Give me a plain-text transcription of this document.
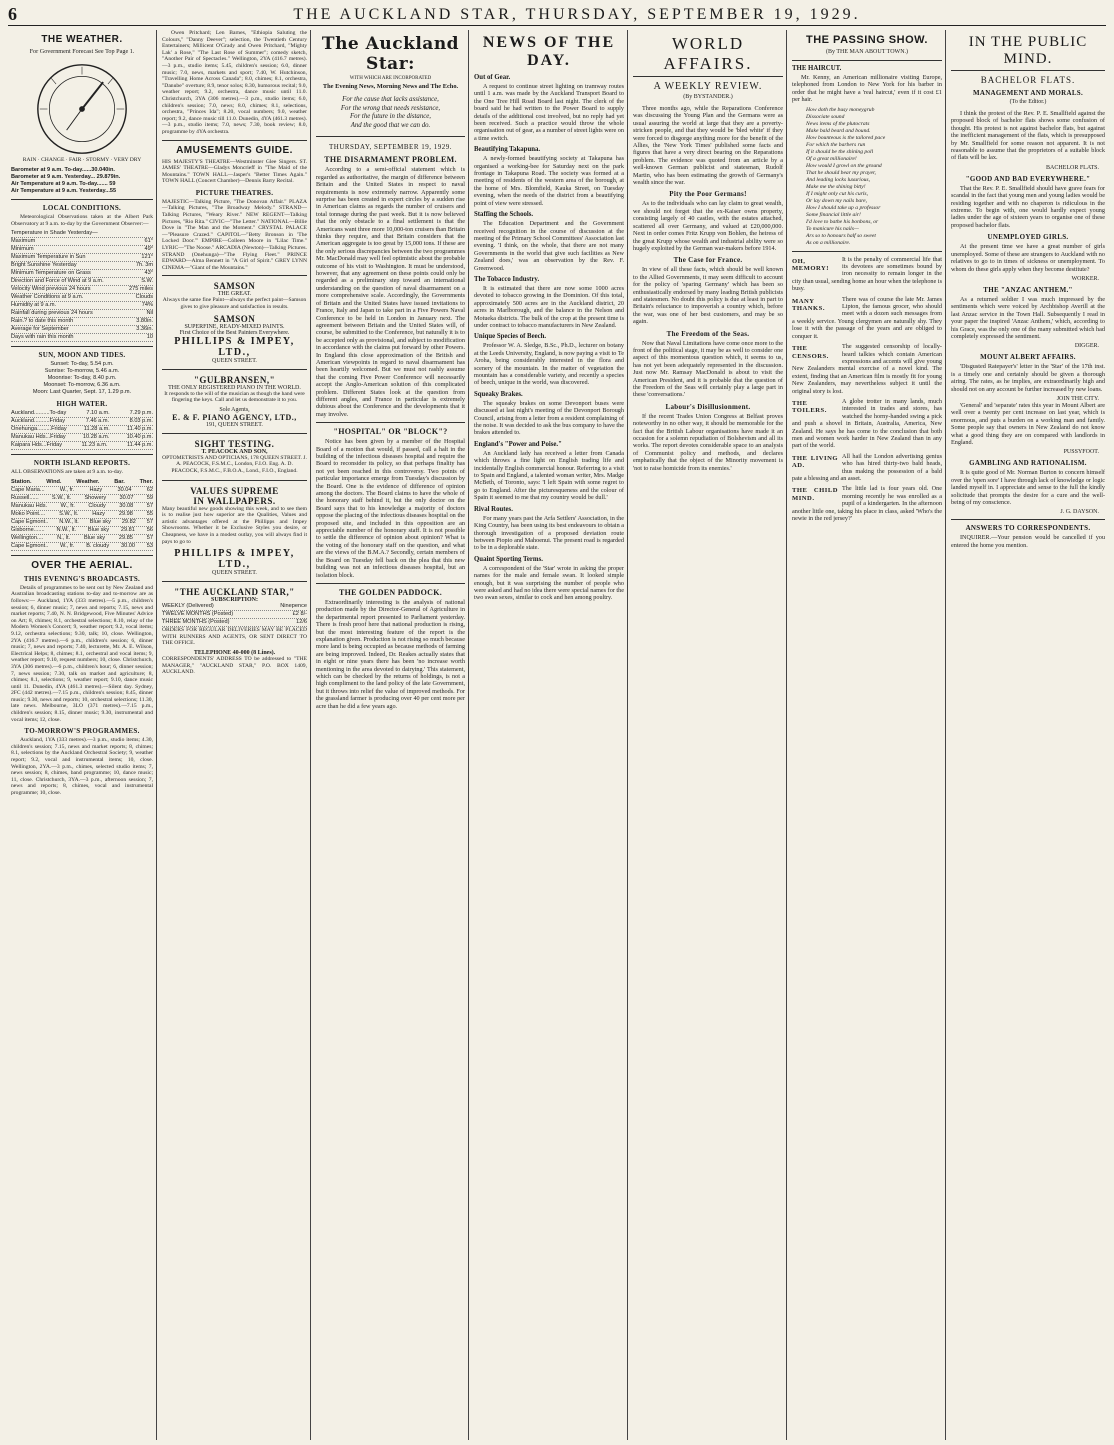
6	THE AUCKLAND STAR, THURSDAY, SEPTEMBER 19, 1929.
THE WEATHER.
For Government Forecast See Top Page 1.
RAIN · CHANGE · FAIR · STORMY · VERY DRY
Barometer at 9 a.m. To-day......30.040in.
Barometer at 9 a.m. Yesterday... 29.879in.
Air Temperature at 9 a.m. To-day....... 59
Air Temperature at 9 a.m. Yesterday...55
LOCAL CONDITIONS.
Meteorological Observations taken at the Albert Park Observatory at 9 a.m. to-day by the Government Observer:—
Temperature in Shade Yesterday—
Maximum	61°
Minimum	49°
Maximum Temperature in Sun	121°
Bright Sunshine Yesterday	7h. 3m
Minimum Temperature on Grass	43°
Direction and Force of Wind at 9 a.m.	S.W.
Velocity Wind previous 24 hours	275 miles
Weather Conditions at 9 a.m.	Clouds
Humidity at 9 a.m.	74%
Rainfall during previous 24 hours	Nil
Rain.? to date this month	3.80in.
Average for September	3.36in.
Days with rain this month	10
SUN, MOON AND TIDES.
Sunset: To-day, 5.54 p.m.
Sunrise: To-morrow, 5.46 a.m.
Moonrise: To-day, 8.40 p.m.
Moonset: To-morrow, 6.36 a.m.
Moon: Last Quarter, Sept. 17, 1.29 p.m.
HIGH WATER.
Auckland..........To-day	7.10 a.m.	7.29 p.m.
Auckland..........Friday	7.46 a.m.	8.03 p.m.
Onehunga.........Friday	11.28 a.m.	11.40 p.m.
Manukau Hds...Friday	10.28 a.m.	10.40 p.m.
Kaipara Hds...Friday	11.23 a.m.	11.44 p.m.
NORTH ISLAND REPORTS.
ALL OBSERVATIONS are taken at 9 a.m. to-day.
Station.	Wind.	Weather.	Bar.	Ther.
Cape Maria...	W., fr.	Hazy	30.04	62
Russell...... S.W., lt. Showery 30.07 59
Manukau Hds. W., fr. Cloudy 30.08 57
Moko Point.... S.W., lt. Hazy 29.98 55
Cape Egmont.. N.W., lt. Blue sky 29.82 57
Gisborne....... N.W., lt. Blue sky 29.81 56
Wellington.... N., lt. Blue sky 29.85 57
Cape Egmont.. W., fr. B. cloudy 30.00 53
OVER THE AERIAL.
THIS EVENING'S BROADCASTS.
Details of programmes to be sent out by New Zealand and Australian broadcasting stations to-day and to-morrow are as follows:— Auckland, 1YA (333 metres).—5 p.m., children's session; 6, dinner music; 7, news and reports; 7.15, news and market reports; 7.40, N. N. Bridgewood, Five Minutes' Advice on Art; 8, chimes; 8.1, orchestral selections; 8.10, relay of the Modern Women's Concert; 9, weather report; 9.2, vocal items; 9.12, orchestra selections; 9.30, talk; 10, close. Wellington, 2YA (416.7 metres).—6 p.m., children's session; 6, dinner music; 7, news and reports; 7.40, lecturette, Mr. A. E. Wilson, Electrical Helps; 8, chimes; 8.1, orchestral and vocal items; 9, weather report; 9.10, request numbers; 10, close. Christchurch, 3YA (306 metres).—6 p.m., children's hour; 6, dinner session; 7, news session; 7.30, talk on market and agriculture; 8, chimes; 8.1, selections; 9, weather report; 9.10, dance music until 11. Dunedin, 4YA (461.3 metres).—Silent day. Sydney, 2FC (442 metres).—7.15 p.m., children's session; 8.45, dinner music; 9.30, news and reports; 10, orchestral selections; 11.30, late news. Melbourne, 3LO (371 metres).—7.15 p.m., children's session; 8.15, dinner music; 9.30, instrumental and vocal items; 12, close.
TO-MORROW'S PROGRAMMES.
Auckland, 1YA (333 metres).—3 p.m., studio items; 4.30, children's session; 7.15, news and market reports; 8, chimes; 8.1, selections by the Auckland Orchestral Society; 9, weather report; 9.2, vocal and instrumental items; 10, close. Wellington, 2YA.—3 p.m., chimes, selected studio items; 7, news session; 8, chimes, band programme; 10, dance music; 11, close. Christchurch, 3YA.—3 p.m., afternoon session; 7, news and reports; 8, chimes, vocal and instrumental programme; 10, close.
Owen Pritchard; Len Barnes, "Ethiopia Saluting the Colours," "Danny Deever"; selection, the Twentieth Century Entertainers; Millicent O'Grady and Owen Pritchard, "Mighty Lak' a Rose," "The Last Rose of Summer"; comedy sketch, "Another Pair of Spectacles." Wellington, 2YA (416.7 metres).—3 p.m., studio items; 5.45, children's session; 6.0, dinner music; 7.0, news, markets and sport; 7.40, W. Hutchinson, "Travelling Home Across Canada"; 8.0, chimes; 8.1, orchestra, "Danube" overture; 8.9, tenor solos; 8.30, humorous recital; 9.0, weather report; 9.2, orchestra, dance music until 11.0. Christchurch, 3YA (306 metres).—3 p.m., studio items; 6.0, children's session; 7.0, news; 8.0, chimes; 8.1, selections, orchestra, "Princes Ida"; 8.20, vocal numbers; 9.0, weather report; 9.2, dance music till 11.0. Dunedin, 4YA (461.3 metres).—3 p.m., studio items; 7.0, news; 7.30, book review; 8.0, programme by 4YA orchestra.
AMUSEMENTS GUIDE.
HIS MAJESTY'S THEATRE—Westminster Glee Singers. ST. JAMES' THEATRE—Gladys Moncrieff in "The Maid of the Mountains." TOWN HALL—Jasper's "Better Times Again." TOWN HALL (Concert Chamber)—Dennis Barry Recital.
PICTURE THEATRES.
MAJESTIC—Talking Picture, "The Donovan Affair." PLAZA—Talking Pictures, "The Broadway Melody." STRAND—Talking Pictures, "Weary River." NEW REGENT—Talking Pictures, "Rio Rita." CIVIC—"The Letter." NATIONAL—Billie Dove in "The Man and the Moment." CRYSTAL PALACE—"Pleasure Crazed." CAPITOL—"Betty Bronson in 'The Locked Door.'" EMPIRE—Colleen Moore in "Lilac Time." LYRIC—"The Noose." ARCADIA (Newton)—Talking Pictures. STRAND (Onehunga)—"The Flying Fleet." PRINCE EDWARD—Alma Bennett in "A Girl of Spirit." GREY LYNN CINEMA—"Giant of the Mountains."
SAMSON
THE GREAT.
Always the same fine Paint—always the perfect paint—Samson gives to give pleasure and satisfaction in results.
SAMSON
SUPERFINE, READY-MIXED PAINTS.
First Choice of the Best Painters Everywhere.
PHILLIPS & IMPEY, LTD.,
QUEEN STREET.
"GULBRANSEN,"
THE ONLY REGISTERED PIANO IN THE WORLD.
It responds to the will of the musician as though the hand were fingering the keys. Call and let us demonstrate it to you.
Sole Agents,
E. & F. PIANO AGENCY, LTD.,
191, QUEEN STREET.
SIGHT TESTING.
T. PEACOCK AND SON,
OPTOMETRISTS AND OPTICIANS, 178 QUEEN STREET. J. A. PEACOCK, F.S.M.C., London, F.I.O. Eng. A. D. PEACOCK, F.S.M.C., F.B.O.A., Lond., F.I.O., England.
VALUES SUPREME
IN WALLPAPERS.
Many beautiful new goods showing this week, and to see them is to realise just how superior are the Qualities, Values and artistic advantages offered at the Phillipps and Impey Showrooms. Whether it be Exclusive Styles you desire, or Cheapness, we have in a modest outlay, you will always find it pays to go to
PHILLIPS & IMPEY, LTD.,
QUEEN STREET.
"THE AUCKLAND STAR,"
SUBSCRIPTION:
WEEKLY (Delivered)	Ninepence
TWELVE MONTHS (Posted)	£2 8/-
THREE MONTHS (Posted)	12/6
ORDERS FOR REGULAR DELIVERIES MAY BE PLACED WITH RUNNERS AND AGENTS, OR SENT DIRECT TO THE OFFICE.
TELEPHONE 40-000 (8 Lines).
CORRESPONDENTS' ADDRESS TO be addressed to "THE MANAGER," "AUCKLAND STAR," P.O. BOX 1409, AUCKLAND.
The Auckland Star:
WITH WHICH ARE INCORPORATED
The Evening News, Morning News and The Echo.
For the cause that lacks assistance,
For the wrong that needs resistance,
For the future in the distance,
And the good that we can do.
THURSDAY, SEPTEMBER 19, 1929.
THE DISARMAMENT PROBLEM.
According to a semi-official statement which is regarded as authoritative, the margin of difference between Britain and the United States in respect to naval requirements is now extremely narrow. Apparently some surprise has been created in expert circles by a sudden rise in American claims as regards the number of cruisers and total tonnage during the past week. But it is now believed that the only obstacle to a final settlement is that the Americans want three more 10,000-ton cruisers than Britain thinks they require, and that Britain considers that the American aggregate is too great by 15,000 tons. If these are the only serious discrepancies between the two programmes Mr. MacDonald may well feel optimistic about the probable outcome of his visit to Washington. It must be understood, however, that any agreement on these points could only be regarded as a preliminary step toward an international understanding on the question of naval disarmament on a more comprehensive scale. Accordingly, the Governments of Britain and the United States have issued invitations to France, Italy and Japan to take part in a Five Powers Naval Conference to be held in London in January next. The agreement between Britain and the United States will, of course, be submitted to the Conference, but naturally it is to be accepted only as provisional, and subject to modification in accordance with the claims put forward by other Powers. In England this close approximation of the British and American viewpoints in regard to naval disarmament has been heartily welcomed. But we must not rashly assume that the coming Five Power Conference will necessarily accept the Anglo-American solution of this complicated problem. Different States look at the question from different angles, and France in particular is extremely dubious about the Conference and the developments that it may involve.
"HOSPITAL" OR "BLOCK"?
Notice has been given by a member of the Hospital Board of a motion that would, if passed, call a halt in the building of the infectious diseases hospital and require the Board to reconsider its policy, so that perhaps finality has not yet been reached in this controversy. Two points of particular importance emerge from Tuesday's discussion by the Board. One is the evidence of difference of opinion among the doctors. The Board claims to have the whole of the honorary staff behind it, but the only doctor on the Board says that to his knowledge a majority of doctors oppose the placing of the infectious diseases hospital on the proposed site, and included in this opposition are an appreciable number of the honorary staff. It is not possible to settle the difference of opinion about opinion? What is the voting of the honorary staff on the question, and what are the views of the B.M.A.? Secondly, certain members of the Board on Tuesday fell back on the plea that this new building was not an infectious diseases hospital, but an isolation block.
THE GOLDEN PADDOCK.
Extraordinarily interesting is the analysis of national production made by the Director-General of Agriculture in the departmental report presented to Parliament yesterday. There is fresh proof here that national production is rising, but the most interesting feature of the report is the explanation given. Production is not rising so much because more land is being occupied as because methods of farming are being improved. Indeed, Dr. Reakes actually states that in eight or nine years there has been 'no increase worth mentioning in the area devoted to dairying.' This statement, which can be checked by the returns of holdings, is not a high compliment to the land policy of the late Government, but it throws into relief the value of improved methods. For the grassland farmer is producing over 40 per cent more per acre than he did a few years ago.
NEWS OF THE DAY.
Out of Gear.
A request to continue street lighting on tramway routes until 1 a.m. was made by the Auckland Transport Board to the One Tree Hill Road Board last night. The clerk of the board said he had written to the Power Board to supply details of the additional cost involved, but no reply had yet been received. Such a practice would throw the whole organisation out of gear, as a number of street lights were on a time switch.
Beautifying Takapuna.
A newly-formed beautifying society at Takapuna has organised a working-bee for Saturday next on the park frontage in Takapuna Road. The society was formed at a meeting of residents of the western area of the borough, at the home of Mrs. Blomfield, Kauka Street, on Tuesday evening, when the needs of the district from a beautifying point of view were stressed.
Staffing the Schools.
The Education Department and the Government received recognition in the course of discussion at the meeting of the Primary School Committees' Association last evening. 'I think, on the whole, that there are not many Governments in the world that give such facilities as New Zealand does,' was an observation by the Rev. F. Greenwood.
The Tobacco Industry.
It is estimated that there are now some 1000 acres devoted to tobacco growing in the Dominion. Of this total, approximately 500 acres are in the Auckland district, 20 acres in Marlborough, and the balance in the Nelson and Motueka districts. The bulk of the crop at the present time is under contract to tobacco manufacturers in New Zealand.
Unique Species of Beech.
Professor W. A. Sledge, B.Sc., Ph.D., lecturer on botany at the Leeds University, England, is now paying a visit to Te Aroha, being considerably interested in the flora and scenery of the mountain. In the matter of vegetation the mountain has a considerable variety, and recently a species of beech, unique in the world, was discovered.
Squeaky Brakes.
The squeaky brakes on some Devonport buses were discussed at last night's meeting of the Devonport Borough Council, arising from a letter from a resident complaining of the noise. It was decided to ask the bus company to have the brakes attended to.
England's "Power and Poise."
An Auckland lady has received a letter from Canada which throws a fine light on English trading life and incidentally English commercial honour. Referring to a visit to Spain and England, a talented woman writer, Mrs. Madge McBeth, of Toronto, says: 'I left Spain with some regret to go to England. After the picturesqueness and the colour of Spain it seemed to me that my country would be dull.'
Rival Routes.
For many years past the Arfa Settlers' Association, in the King Country, has been using its best endeavours to obtain a thorough investigation of a proposed deviation route between Piopio and Mahoenui. The present road is regarded to be in a deplorable state.
Quaint Sporting Terms.
A correspondent of the 'Star' wrote in asking the proper names for the male and female swan. It looked simple enough, but it was surprising the number of people who were asked and had no idea there were special names for the two swan sexes, similar to cock and hen among poultry.
WORLD AFFAIRS.
A WEEKLY REVIEW.
(By BYSTANDER.)
Three months ago, while the Reparations Conference was discussing the Young Plan and the Germans were as usual assuring the world at large that they are a poverty-stricken people, and that they would be 'bled white' if they were forced to disgorge anything more for the benefit of the Allies, the 'New York Times' published some facts and figures that have a very direct bearing on the Reparations problem. The evidence was quoted from an article by a well-known German publicist and statesman, Rudolf Martin, who has been estimating the growth of Germany's wealth since the war.
Pity the Poor Germans!
As to the individuals who can lay claim to great wealth, we should not forget that the ex-Kaiser owns property, consisting largely of 40 castles, with the estates attached, scattered all over Germany, and valued at £20,000,000. Next in order comes Fritz Krupp von Bohlen, the heiress of the great Krupp whose wealth and industrial ability were so hugely exploited by the German war-makers before 1914.
The Case for France.
In view of all these facts, which should be well known to the Allied Governments, it may seem difficult to account for the policy of 'sparing Germany' which has been so enthusiastically endorsed by many leading British publicists and statesmen. No doubt this policy is due at least in part to Britain's reluctance to impoverish a country which, before the war, was one of her best customers, and may be so again.
The Freedom of the Seas.
Now that Naval Limitations have come once more to the front of the political stage, it may be as well to consider one aspect of this momentous question which, it seems to us, has not yet been adequately represented in the discussion. Just now Mr. Ramsay MacDonald is about to visit the American President, and it is probable that the question of the Freedom of the Seas will certainly play a large part in these 'conversations.'
Labour's Disillusionment.
If the recent Trades Union Congress at Belfast proves noteworthy in no other way, it should be memorable for the fact that the British Labour organisations have made it an occasion for a solemn repudiation of Bolshevism and all its works. The report devotes considerable space to an analysis of Communist policy and methods, and declares emphatically that the object of the Minority movement is 'not to raise homicide from its enemies.'
THE PASSING SHOW.
(By THE MAN ABOUT TOWN.)
THE HAIRCUT.
Mr. Kenny, an American millionaire visiting Europe, telephoned from London to New York for his barber in order that he might have a 'real haircut,' even if it cost £1 per hair.
How doth the busy moneygrub
Dissociate sound
News items of the plutocrats
Make bald beard and bound.
How bounteous is the tailored pace
For which the barbers run
If it should be the shining poll
Of a great millionaire!
How would I growl on the ground
That he should bear my prayer,
And leading locks luxurious,
Make me the shining bitty!
If I might only cut his curls,
Or lay down my nails bare,
How I should take up a professor
Some financial little air!
I'd love to bathe his bonbons, or
To manicure his nails—
Ars so to honours half so sweet
As on a millionaire.
OH, MEMORY!
It is the penalty of commercial life that its devotees are sometimes bound by iron necessity to remain longer in the city than usual, sending home an hour when the telephone is busy.
MANY THANKS.
There was of course the late Mr. James Lipton, the famous grocer, who should meet with a dozen such messages from a weekly service. Young clergymen are naturally shy. They lose it with the passage of the years and are obliged to conquer it.
THE CENSORS.
The suggested censorship of locally-heard talkies which contain American expressions and accents will give young New Zealanders mental exercise of a novel kind. The extent, finding that an American film is mostly fit for young New Zealanders, may nevertheless subject it until the original story is lost.
THE TOILERS.
A globe trotter in many lands, much interested in trades and stores, has watched the horny-handed swing a pick and push a shovel in Britain, Australia, America, New Zealand. He says he has come to the conclusion that both men and women work harder in New Zealand than in any part of the world.
THE LIVING AD.
All hail the London advertising genius who has hired thirty-two bald heads, thus making the possession of a bald pate a blessing and an asset.
THE CHILD MIND.
The little lad is four years old. One morning recently he was enrolled as a pupil of a kindergarten. In the afternoon another little one, taking his place in class, asked 'Who's the newie in the red jersey?'
IN THE PUBLIC MIND.
BACHELOR FLATS.
MANAGEMENT AND MORALS.
(To the Editor.)
I think the protest of the Rev. P. E. Smallfield against the proposed block of bachelor flats shows some confusion of thought. His protest is not against bachelor flats, but against the inefficient management of the flats, which is presupposed by Mr. Smallfield for some reason not apparent. It is not reasonable to assume that the proprietors of a suitable block of flats will be lax.
BACHELOR FLATS.
"GOOD AND BAD EVERYWHERE."
That the Rev. P. E. Smallfield should have grave fears for scandal in the fact that young men and young ladies would be residing together and with no chaperon is ridiculous in the extreme. To begin with, one would hardly expect young ladies under the age of sixteen years to organise one of these proposed bachelor flats.
UNEMPLOYED GIRLS.
At the present time we have a great number of girls unemployed. Some of these are strangers to Auckland with no relatives to go to in times of sickness or unemployment. To whom do these girls apply when they become destitute?
WORKER.
THE "ANZAC ANTHEM."
As a returned soldier I was much impressed by the sentiments which were voiced by Archbishop Averill at the last Anzac service in the Town Hall. Subsequently I read in your paper the inspired 'Anzac Anthem,' which, according to his Grace, was the only one of the many submitted which had completely expressed the sentiment.
DIGGER.
MOUNT ALBERT AFFAIRS.
'Disgusted Ratepayer's' letter in the 'Star' of the 17th inst. is a timely one and certainly should be given a thorough airing. The rates, as he implies, are extraordinarily high and should not on any account be further increased by new loans.
JOIN THE CITY.
'General' and 'separate' rates this year in Mount Albert are well over a twenty per cent increase on last year, which is enormous, and puts a burden on a working man and family. Some people say that owners in New Zealand do not know what a good thing they are on compared with landlords in England.
PUSSYFOOT.
GAMBLING AND RATIONALISM.
It is quite good of Mr. Norman Burton to concern himself over the 'open sore' I have through lack of knowledge or logic landed myself in. I appreciate and sense to the full the kindly solicitude that prompts the desire for a cure and the well-being of my conscience.
J. G. DAYSON.
ANSWERS TO CORRESPONDENTS.
INQUIRER.—Your pension would be cancelled if you entered the home you mention.
